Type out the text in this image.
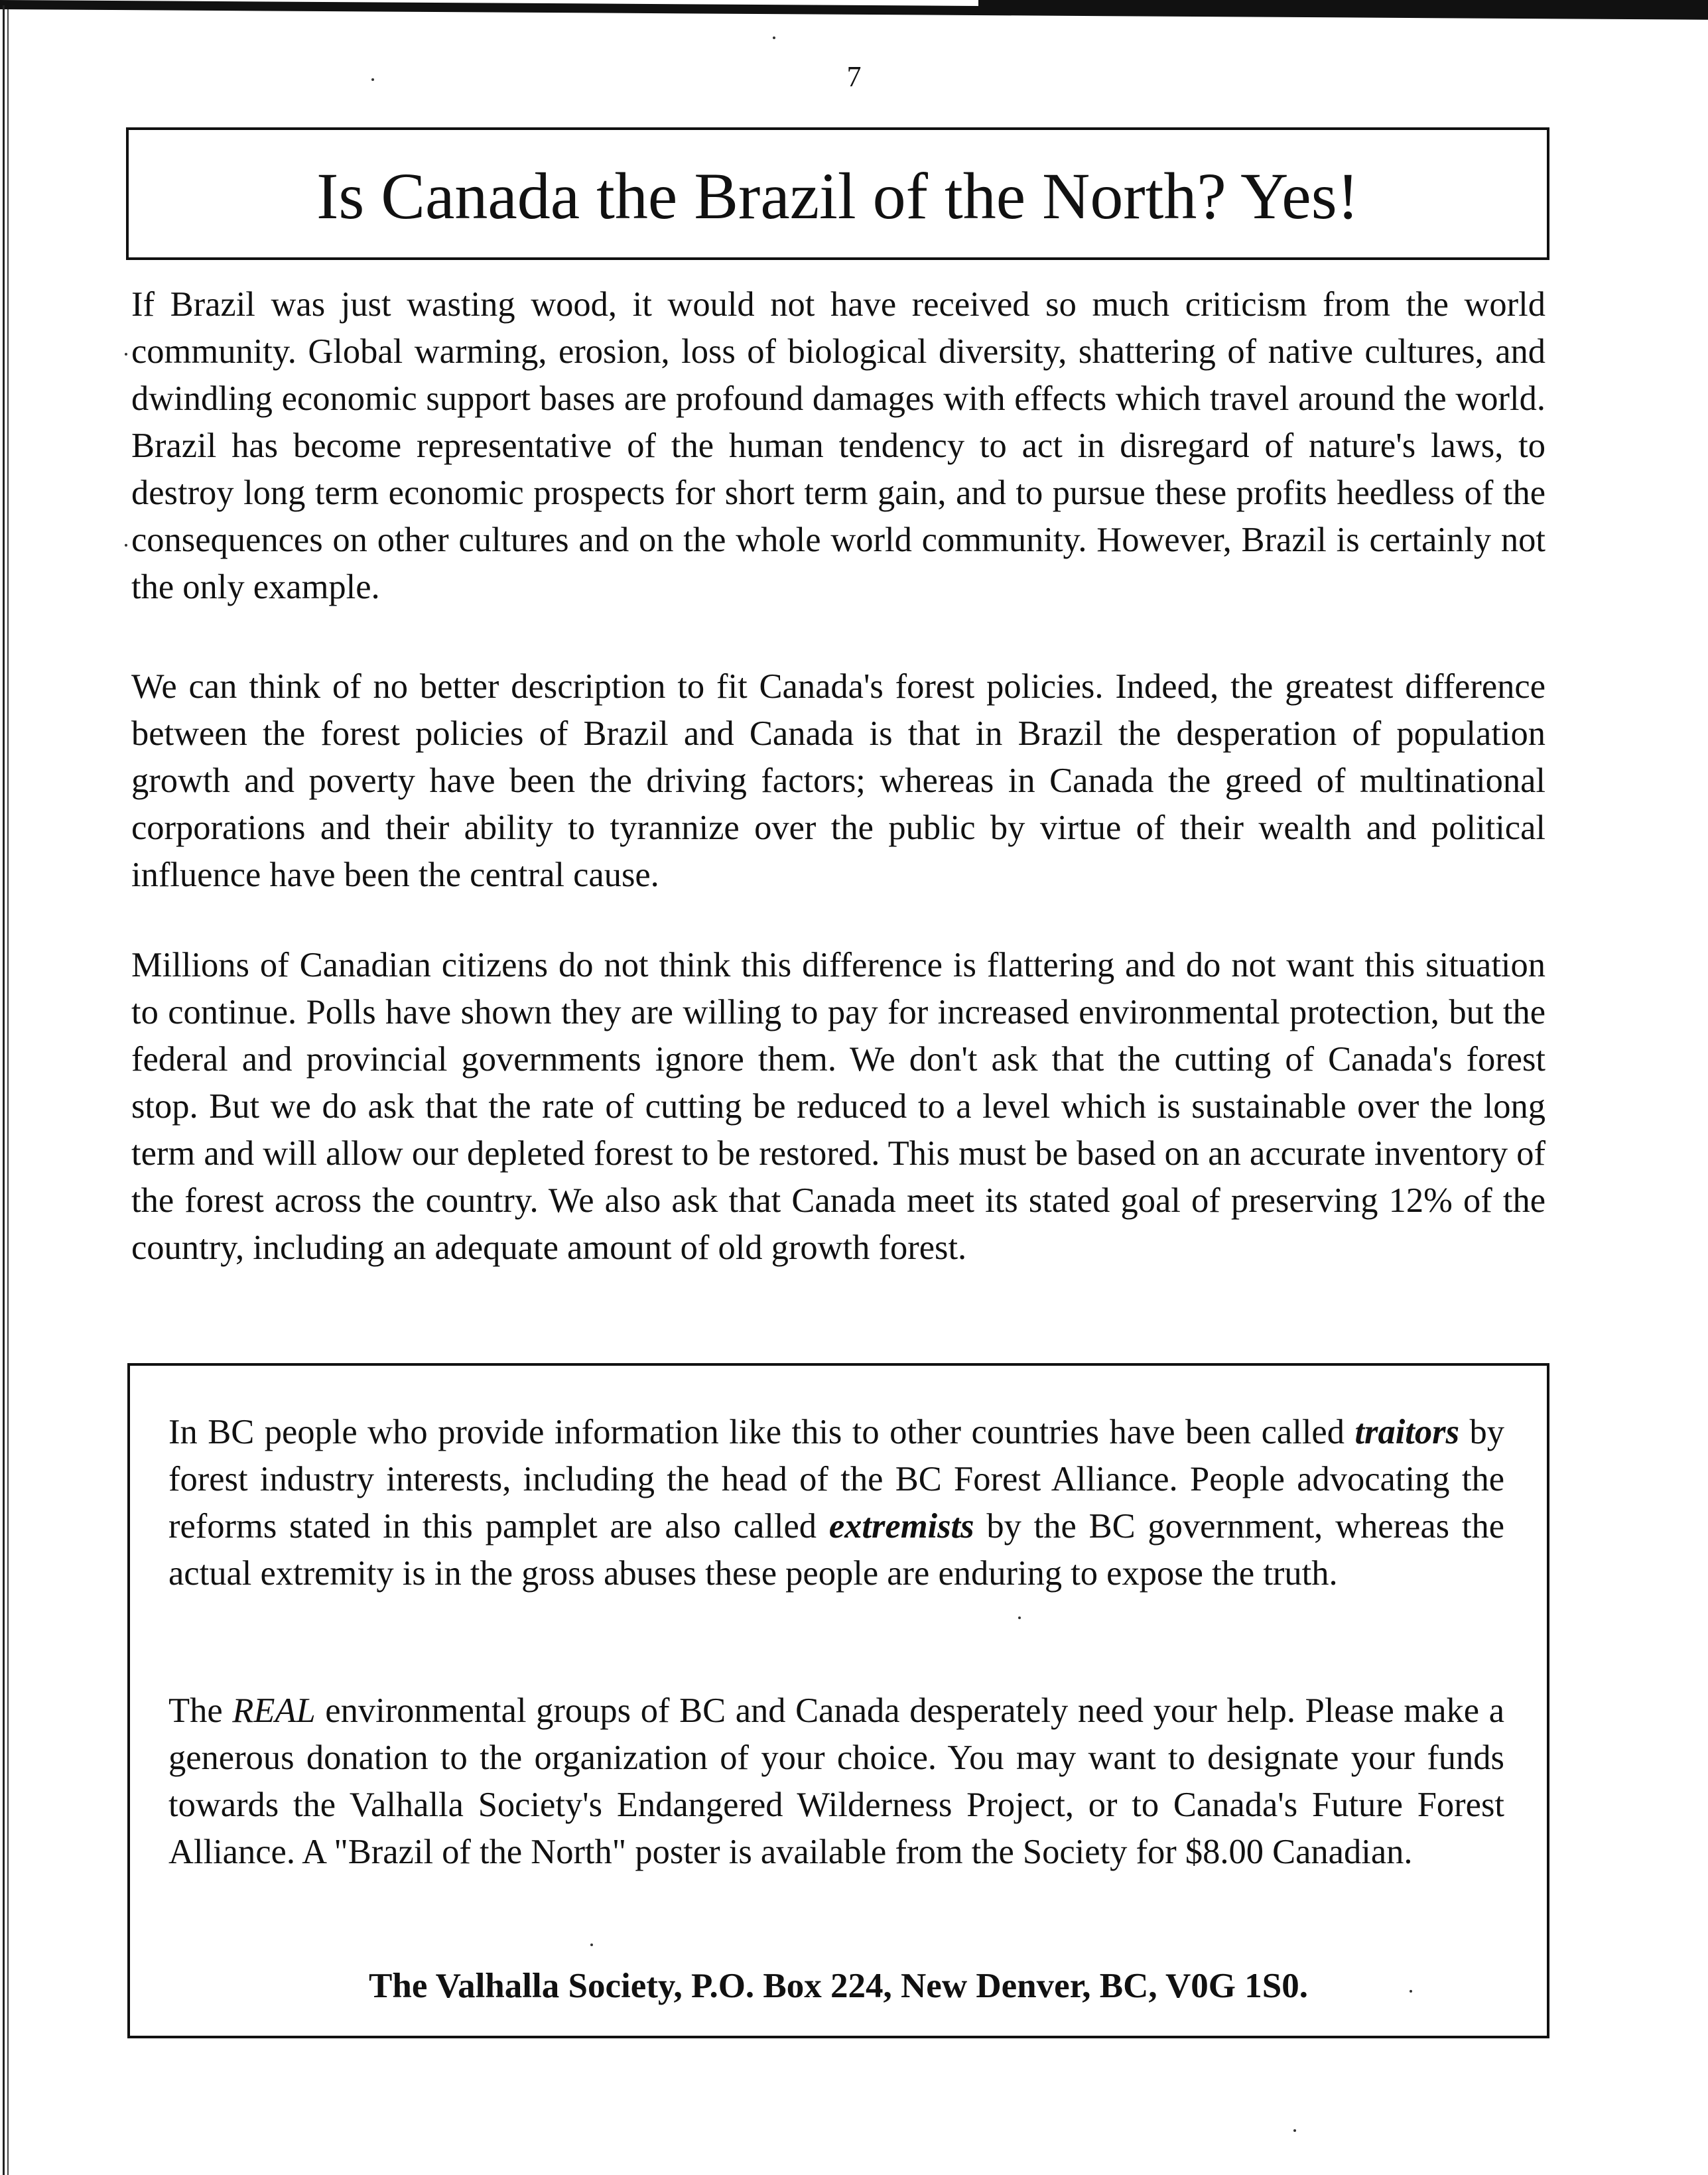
7
Is Canada the Brazil of the North? Yes!

If Brazil was just wasting wood, it would not have received so much criticism from the world community. Global warming, erosion, loss of biological diversity, shattering of native cultures, and dwindling economic support bases are profound damages with effects which travel around the world. Brazil has become representative of the human tendency to act in disregard of nature's laws, to destroy long term economic prospects for short term gain, and to pursue these profits heedless of the consequences on other cultures and on the whole world community. However, Brazil is certainly not the only example.

We can think of no better description to fit Canada's forest policies. Indeed, the greatest difference between the forest policies of Brazil and Canada is that in Brazil the desperation of population growth and poverty have been the driving factors; whereas in Canada the greed of multinational corporations and their ability to tyrannize over the public by virtue of their wealth and political influence have been the central cause.

Millions of Canadian citizens do not think this difference is flattering and do not want this situation to continue. Polls have shown they are willing to pay for increased environmental protection, but the federal and provincial governments ignore them. We don't ask that the cutting of Canada's forest stop. But we do ask that the rate of cutting be reduced to a level which is sustainable over the long term and will allow our depleted forest to be restored. This must be based on an accurate inventory of the forest across the country. We also ask that Canada meet its stated goal of preserving 12% of the country, including an adequate amount of old growth forest.

In BC people who provide information like this to other countries have been called traitors by forest industry interests, including the head of the BC Forest Alliance. People advocating the reforms stated in this pamplet are also called extremists by the BC government, whereas the actual extremity is in the gross abuses these people are enduring to expose the truth.

The REAL environmental groups of BC and Canada desperately need your help. Please make a generous donation to the organization of your choice. You may want to designate your funds towards the Valhalla Society's Endangered Wilderness Project, or to Canada's Future Forest Alliance. A "Brazil of the North" poster is available from the Society for $8.00 Canadian.

The Valhalla Society, P.O. Box 224, New Denver, BC, V0G 1S0.
